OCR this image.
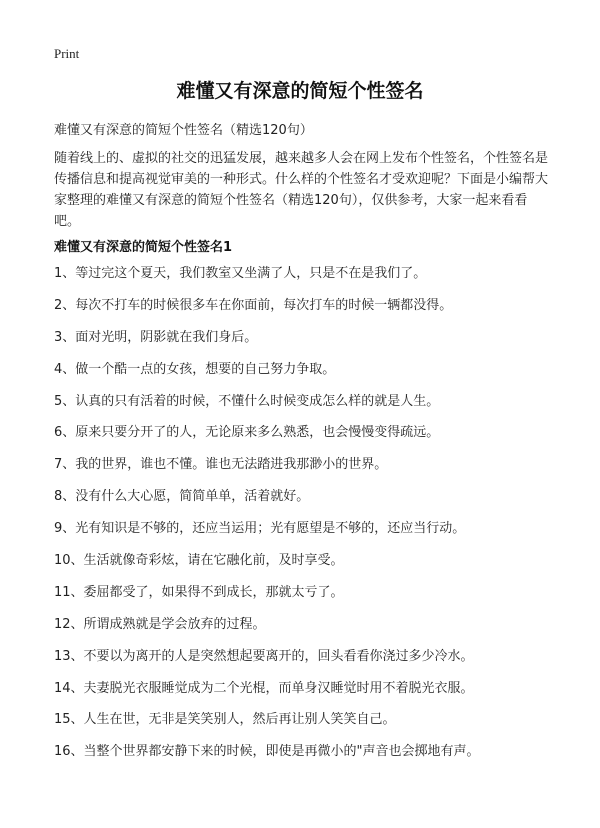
Print
难懂又有深意的简短个性签名
难懂又有深意的简短个性签名（精选120句）

随着线上的、虚拟的社交的迅猛发展，越来越多人会在网上发布个性签名，个性签名是传播信息和提高视觉审美的一种形式。什么样的个性签名才受欢迎呢？下面是小编帮大家整理的难懂又有深意的简短个性签名（精选120句），仅供参考，大家一起来看看吧。

难懂又有深意的简短个性签名1
1、等过完这个夏天，我们教室又坐满了人，只是不在是我们了。
2、每次不打车的时候很多车在你面前，每次打车的时候一辆都没得。
3、面对光明，阴影就在我们身后。
4、做一个酷一点的女孩，想要的自己努力争取。
5、认真的只有活着的时候，不懂什么时候变成怎么样的就是人生。
6、原来只要分开了的人，无论原来多么熟悉，也会慢慢变得疏远。
7、我的世界，谁也不懂。谁也无法踏进我那渺小的世界。
8、没有什么大心愿，简简单单，活着就好。
9、光有知识是不够的，还应当运用；光有愿望是不够的，还应当行动。
10、生活就像奇彩炫，请在它融化前，及时享受。
11、委屈都受了，如果得不到成长，那就太亏了。
12、所谓成熟就是学会放弃的过程。
13、不要以为离开的人是突然想起要离开的，回头看看你浇过多少冷水。
14、夫妻脱光衣服睡觉成为二个光棍，而单身汉睡觉时用不着脱光衣服。
15、人生在世，无非是笑笑别人，然后再让别人笑笑自己。
16、当整个世界都安静下来的时候，即使是再微小的"声音也会掷地有声。
